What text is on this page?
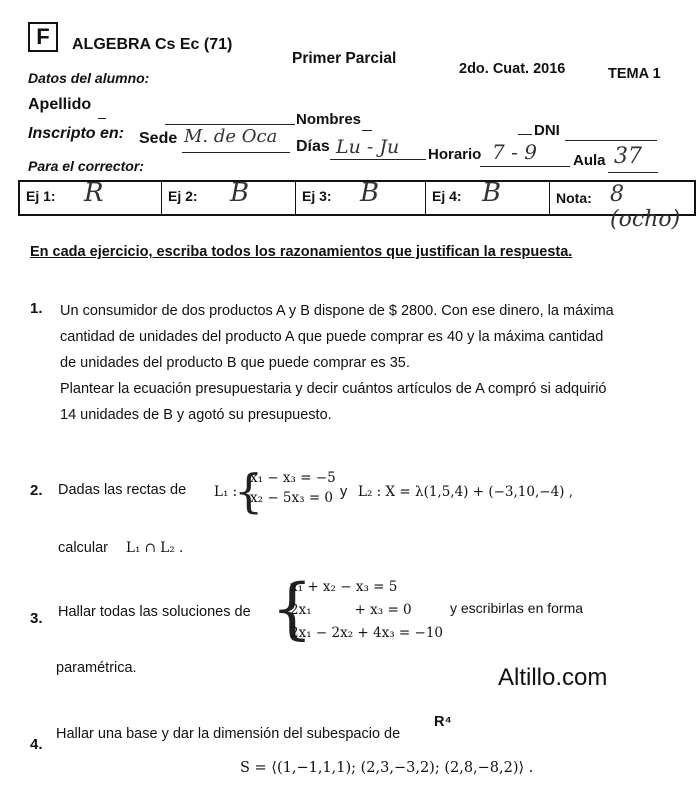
F	ALGEBRA Cs Ec (71)
Primer Parcial
2do. Cuat. 2016	TEMA 1
Datos del alumno:
Apellido
Nombres
DNI
Inscripto en: Sede M. de Oca Días Lu - Ju Horario 7 - 9 Aula 37
Para el corrector:
Ej 1: R	Ej 2: B	Ej 3: B	Ej 4: B	Nota: 8 (ocho)
En cada ejercicio, escriba todos los razonamientos que justifican la respuesta.
1. Un consumidor de dos productos A y B dispone de $ 2800. Con ese dinero, la máxima
cantidad de unidades del producto A que puede comprar es 40 y la máxima cantidad
de unidades del producto B que puede comprar es 35.
Plantear la ecuación presupuestaria y decir cuántos artículos de A compró si adquirió
14 unidades de B y agotó su presupuesto.
2. Dadas las rectas de L₁ :
{
x₁ − x₃ = −5
x₂ − 5x₃ = 0 y L₂ : X = λ(1,5,4) + (−3,10,−4) ,
calcular L₁ ∩ L₂ .
3. Hallar todas las soluciones de {
x₁ + x₂ − x₃ = 5
2x₁          + x₃ = 0
2x₁ − 2x₂ + 4x₃ = −10
y escribirlas en forma
paramétrica.	Altillo.com
4.
Hallar una base y dar la dimensión del subespacio de
R⁴
S = ⟨(1,−1,1,1); (2,3,−3,2); (2,8,−8,2)⟩ .
